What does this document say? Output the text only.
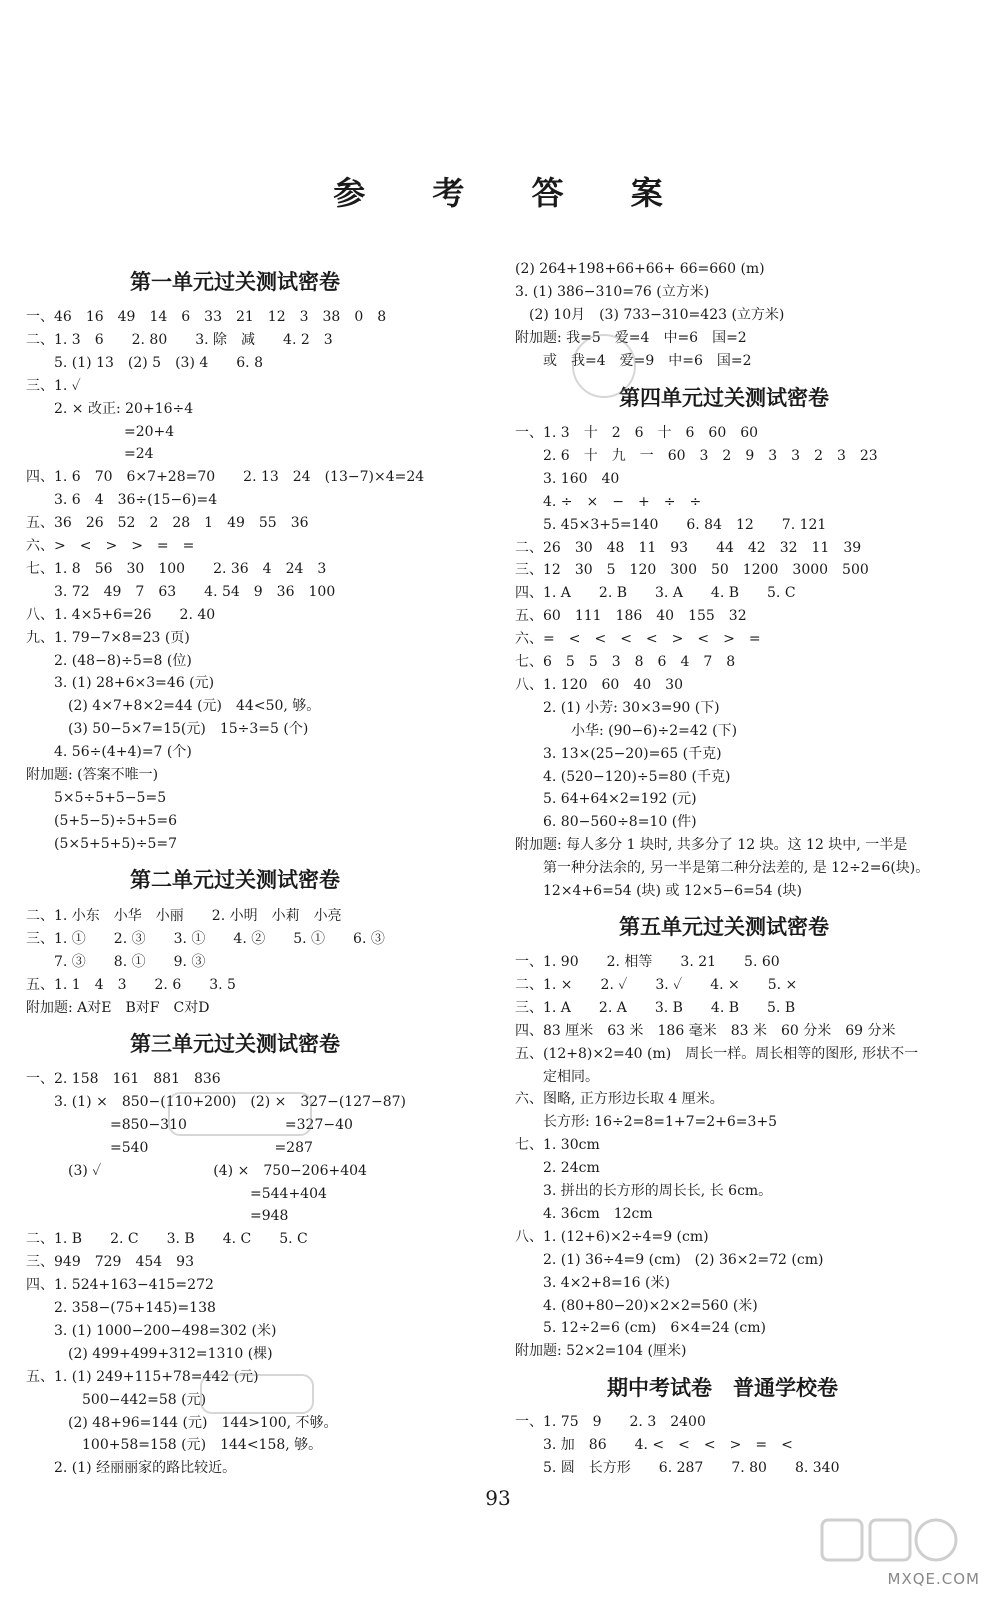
参 考 答 案
第一单元过关测试密卷
一、46　16　49　14　6　33　21　12　3　38　0　8
二、1. 3　6　　2. 80　　3. 除　减　　4. 2　3
　　5. (1) 13　(2) 5　(3) 4　　6. 8
三、1. ✓
　　2. × 改正: 20+16÷4
　　　　　　　=20+4
　　　　　　　=24
四、1. 6　70　6×7+28=70　　2. 13　24　(13−7)×4=24
　　3. 6　4　36÷(15−6)=4
五、36　26　52　2　28　1　49　55　36
六、>　<　>　>　=　=
七、1. 8　56　30　100　　2. 36　4　24　3
　　3. 72　49　7　63　　4. 54　9　36　100
八、1. 4×5+6=26　　2. 40
九、1. 79−7×8=23 (页)
　　2. (48−8)÷5=8 (位)
　　3. (1) 28+6×3=46 (元)
　　　(2) 4×7+8×2=44 (元)　44<50, 够。
　　　(3) 50−5×7=15(元)　15÷3=5 (个)
　　4. 56÷(4+4)=7 (个)
附加题: (答案不唯一)
　　5×5÷5+5−5=5
　　(5+5−5)÷5+5=6
　　(5×5+5+5)÷5=7
第二单元过关测试密卷
二、1. 小东　小华　小丽　　2. 小明　小莉　小亮
三、1. ①　　2. ③　　3. ①　　4. ②　　5. ①　　6. ③
　　7. ③　　8. ①　　9. ③
五、1. 1　4　3　　2. 6　　3. 5
附加题: A对E　B对F　C对D
第三单元过关测试密卷
一、2. 158　161　881　836
　　3. (1) ×　850−(110+200)　(2) ×　327−(127−87)
　　　　　　=850−310　　　　　　　=327−40
　　　　　　=540　　　　　　　　　=287
　　　(3) ✓　　　　　　　　(4) ×　750−206+404
　　　　　　　　　　　　　　　　=544+404
　　　　　　　　　　　　　　　　=948
二、1. B　　2. C　　3. B　　4. C　　5. C
三、949　729　454　93
四、1. 524+163−415=272
　　2. 358−(75+145)=138
　　3. (1) 1000−200−498=302 (米)
　　　(2) 499+499+312=1310 (棵)
五、1. (1) 249+115+78=442 (元)
　　　　500−442=58 (元)
　　　(2) 48+96=144 (元)　144>100, 不够。
　　　　100+58=158 (元)　144<158, 够。
　　2. (1) 经丽丽家的路比较近。
(2) 264+198+66+66+ 66=660 (m)
3. (1) 386−310=76 (立方米)
　(2) 10月　(3) 733−310=423 (立方米)
附加题: 我=5　爱=4　中=6　国=2
　　或　我=4　爱=9　中=6　国=2
第四单元过关测试密卷
一、1. 3　十　2　6　十　6　60　60
　　2. 6　十　九　一　60　3　2　9　3　3　2　3　23
　　3. 160　40
　　4. ÷　×　−　+　÷　÷
　　5. 45×3+5=140　　6. 84　12　　7. 121
二、26　30　48　11　93　　44　42　32　11　39
三、12　30　5　120　300　50　1200　3000　500
四、1. A　　2. B　　3. A　　4. B　　5. C
五、60　111　186　40　155　32
六、=　<　<　<　<　>　<　>　=
七、6　5　5　3　8　6　4　7　8
八、1. 120　60　40　30
　　2. (1) 小芳: 30×3=90 (下)
　　　　小华: (90−6)÷2=42 (下)
　　3. 13×(25−20)=65 (千克)
　　4. (520−120)÷5=80 (千克)
　　5. 64+64×2=192 (元)
　　6. 80−560÷8=10 (件)
附加题: 每人多分 1 块时, 共多分了 12 块。这 12 块中, 一半是
　　第一种分法余的, 另一半是第二种分法差的, 是 12÷2=6(块)。
　　12×4+6=54 (块) 或 12×5−6=54 (块)
第五单元过关测试密卷
一、1. 90　　2. 相等　　3. 21　　5. 60
二、1. ×　　2. ✓　　3. ✓　　4. ×　　5. ×
三、1. A　　2. A　　3. B　　4. B　　5. B
四、83 厘米　63 米　186 毫米　83 米　60 分米　69 分米
五、(12+8)×2=40 (m)　周长一样。周长相等的图形, 形状不一
　　定相同。
六、图略, 正方形边长取 4 厘米。
　　长方形: 16÷2=8=1+7=2+6=3+5
七、1. 30cm
　　2. 24cm
　　3. 拼出的长方形的周长长, 长 6cm。
　　4. 36cm　12cm
八、1. (12+6)×2÷4=9 (cm)
　　2. (1) 36÷4=9 (cm)　(2) 36×2=72 (cm)
　　3. 4×2+8=16 (米)
　　4. (80+80−20)×2×2=560 (米)
　　5. 12÷2=6 (cm)　6×4=24 (cm)
附加题: 52×2=104 (厘米)
期中考试卷　普通学校卷
一、1. 75　9　　2. 3　2400
　　3. 加　86　　4. <　<　<　>　=　<
　　5. 圆　长方形　　6. 287　　7. 80　　8. 340
93
MXQE.COM
